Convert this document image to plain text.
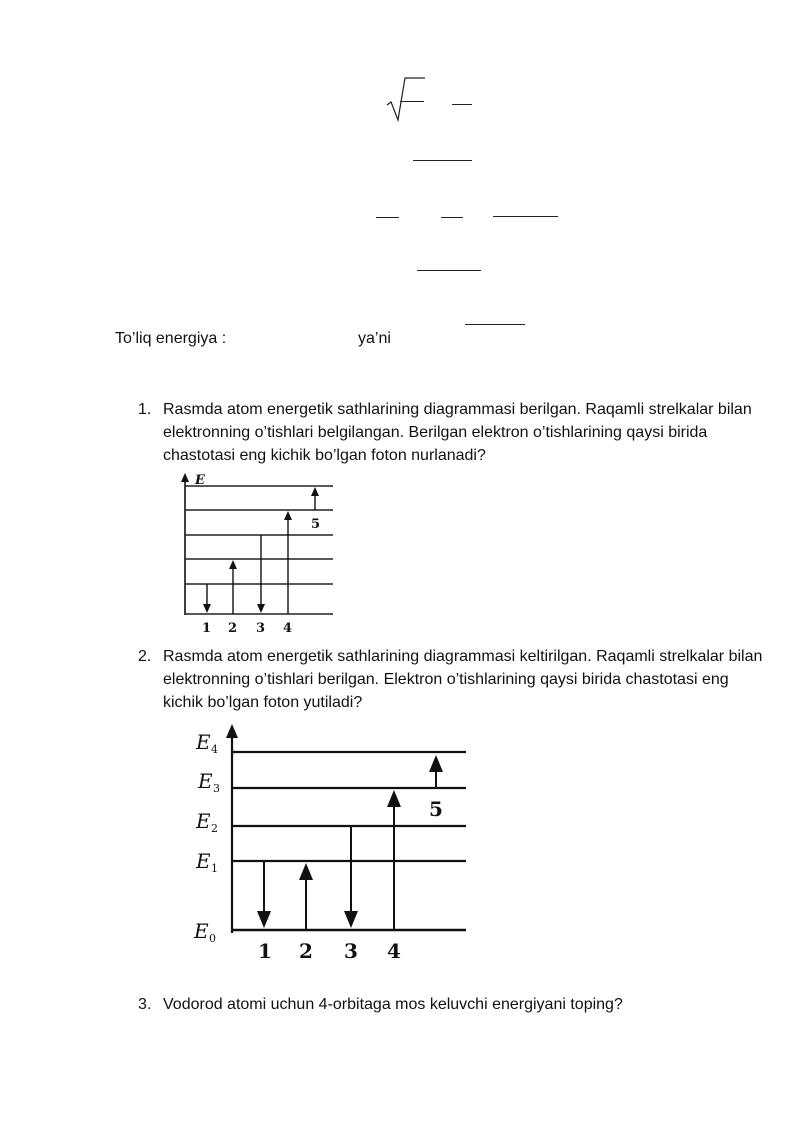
To’liq energiya :	ya’ni
1. Rasmda atom energetik sathlarining diagrammasi berilgan. Raqamli strelkalar bilan elektronning o’tishlari belgilangan. Berilgan elektron o’tishlarining qaysi birida chastotasi eng kichik bo’lgan foton nurlanadi?
E
5
1 2 3 4
2. Rasmda atom energetik sathlarining diagrammasi keltirilgan. Raqamli strelkalar bilan elektronning o’tishlari berilgan. Elektron o’tishlarining qaysi birida chastotasi eng kichik bo’lgan foton yutiladi?
E 4
E 3
E 2
E 1
E 0
5
1 2 3 4
3. Vodorod atomi uchun 4-orbitaga mos keluvchi energiyani toping?
